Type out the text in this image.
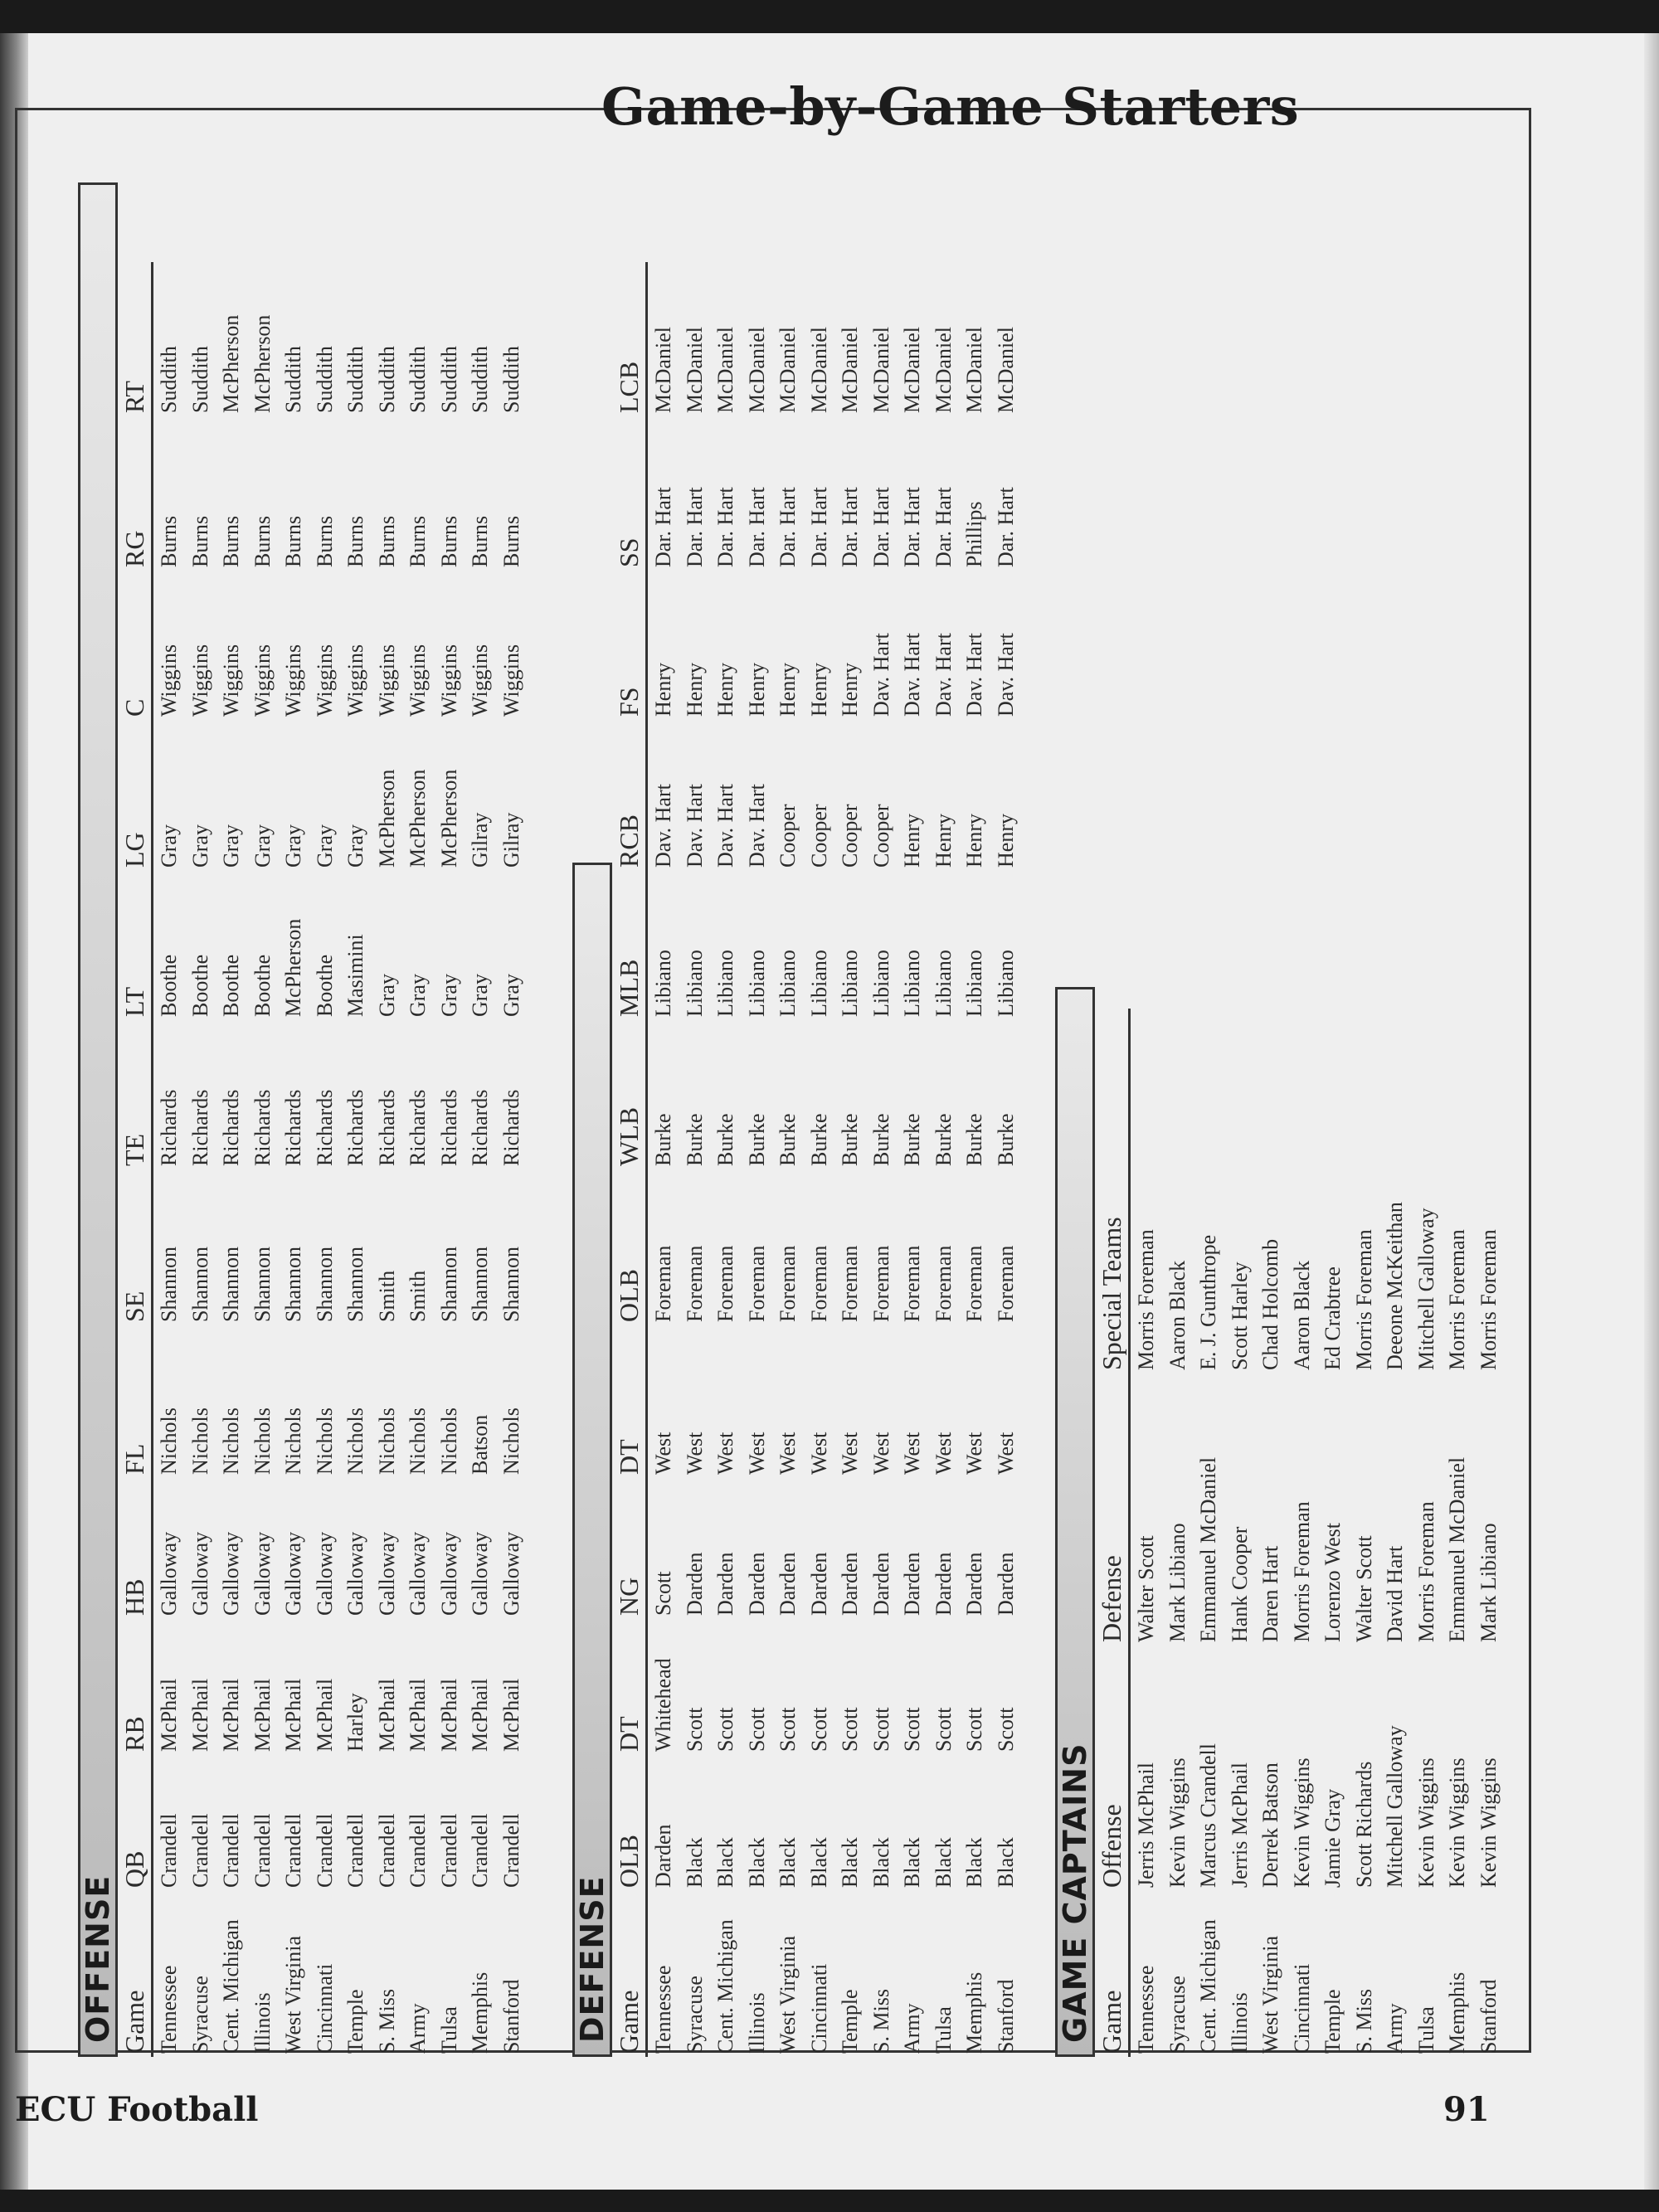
Game-by-Game Starters
OFFENSE Game	QB	RB	HB	FL	SE	TE	LT	LG	C	RG	RT
Tennessee	Crandell	McPhail	Galloway	Nichols	Shannon	Richards	Boothe	Gray	Wiggins	Burns	Suddith
Syracuse	Crandell	McPhail	Galloway	Nichols	Shannon	Richards	Boothe	Gray	Wiggins	Burns	Suddith
Cent. Michigan	Crandell	McPhail	Galloway	Nichols	Shannon	Richards	Boothe	Gray	Wiggins	Burns	McPherson
Illinois	Crandell	McPhail	Galloway	Nichols	Shannon	Richards	Boothe	Gray	Wiggins	Burns	McPherson
West Virginia	Crandell	McPhail	Galloway	Nichols	Shannon	Richards	McPherson	Gray	Wiggins	Burns	Suddith
Cincinnati	Crandell	McPhail	Galloway	Nichols	Shannon	Richards	Boothe	Gray	Wiggins	Burns	Suddith
Temple	Crandell	Harley	Galloway	Nichols	Shannon	Richards	Masimini	Gray	Wiggins	Burns	Suddith
S. Miss	Crandell	McPhail	Galloway	Nichols	Smith	Richards	Gray	McPherson	Wiggins	Burns	Suddith
Army	Crandell	McPhail	Galloway	Nichols	Smith	Richards	Gray	McPherson	Wiggins	Burns	Suddith
Tulsa	Crandell	McPhail	Galloway	Nichols	Shannon	Richards	Gray	McPherson	Wiggins	Burns	Suddith
Memphis	Crandell	McPhail	Galloway	Batson	Shannon	Richards	Gray	Gilray	Wiggins	Burns	Suddith
Stanford	Crandell	McPhail	Galloway	Nichols	Shannon	Richards	Gray	Gilray	Wiggins	Burns	Suddith
DEFENSE Game	OLB	DT	NG	DT	OLB	WLB	MLB	RCB	FS	SS	LCB
Tennessee	Darden	Whitehead	Scott	West	Foreman	Burke	Libiano	Dav. Hart	Henry	Dar. Hart	McDaniel
Syracuse	Black	Scott	Darden	West	Foreman	Burke	Libiano	Dav. Hart	Henry	Dar. Hart	McDaniel
Cent. Michigan	Black	Scott	Darden	West	Foreman	Burke	Libiano	Dav. Hart	Henry	Dar. Hart	McDaniel
Illinois	Black	Scott	Darden	West	Foreman	Burke	Libiano	Dav. Hart	Henry	Dar. Hart	McDaniel
West Virginia	Black	Scott	Darden	West	Foreman	Burke	Libiano	Cooper	Henry	Dar. Hart	McDaniel
Cincinnati	Black	Scott	Darden	West	Foreman	Burke	Libiano	Cooper	Henry	Dar. Hart	McDaniel
Temple	Black	Scott	Darden	West	Foreman	Burke	Libiano	Cooper	Henry	Dar. Hart	McDaniel
S. Miss	Black	Scott	Darden	West	Foreman	Burke	Libiano	Cooper	Dav. Hart	Dar. Hart	McDaniel
Army	Black	Scott	Darden	West	Foreman	Burke	Libiano	Henry	Dav. Hart	Dar. Hart	McDaniel
Tulsa	Black	Scott	Darden	West	Foreman	Burke	Libiano	Henry	Dav. Hart	Dar. Hart	McDaniel
Memphis	Black	Scott	Darden	West	Foreman	Burke	Libiano	Henry	Dav. Hart	Phillips	McDaniel
Stanford	Black	Scott	Darden	West	Foreman	Burke	Libiano	Henry	Dav. Hart	Dar. Hart	McDaniel
GAME CAPTAINS Game	Offense	Defense	Special Teams
Tennessee	Jerris McPhail	Walter Scott	Morris Foreman
Syracuse	Kevin Wiggins	Mark Libiano	Aaron Black
Cent. Michigan	Marcus Crandell	Emmanuel McDaniel	E. J. Gunthrope
Illinois	Jerris McPhail	Hank Cooper	Scott Harley
West Virginia	Derrek Batson	Daren Hart	Chad Holcomb
Cincinnati	Kevin Wiggins	Morris Foreman	Aaron Black
Temple	Jamie Gray	Lorenzo West	Ed Crabtree
S. Miss	Scott Richards	Walter Scott	Morris Foreman
Army	Mitchell Galloway	David Hart	Deeone McKeithan
Tulsa	Kevin Wiggins	Morris Foreman	Mitchell Galloway
Memphis	Kevin Wiggins	Emmanuel McDaniel	Morris Foreman
Stanford	Kevin Wiggins	Mark Libiano	Morris Foreman
ECU Football	91
